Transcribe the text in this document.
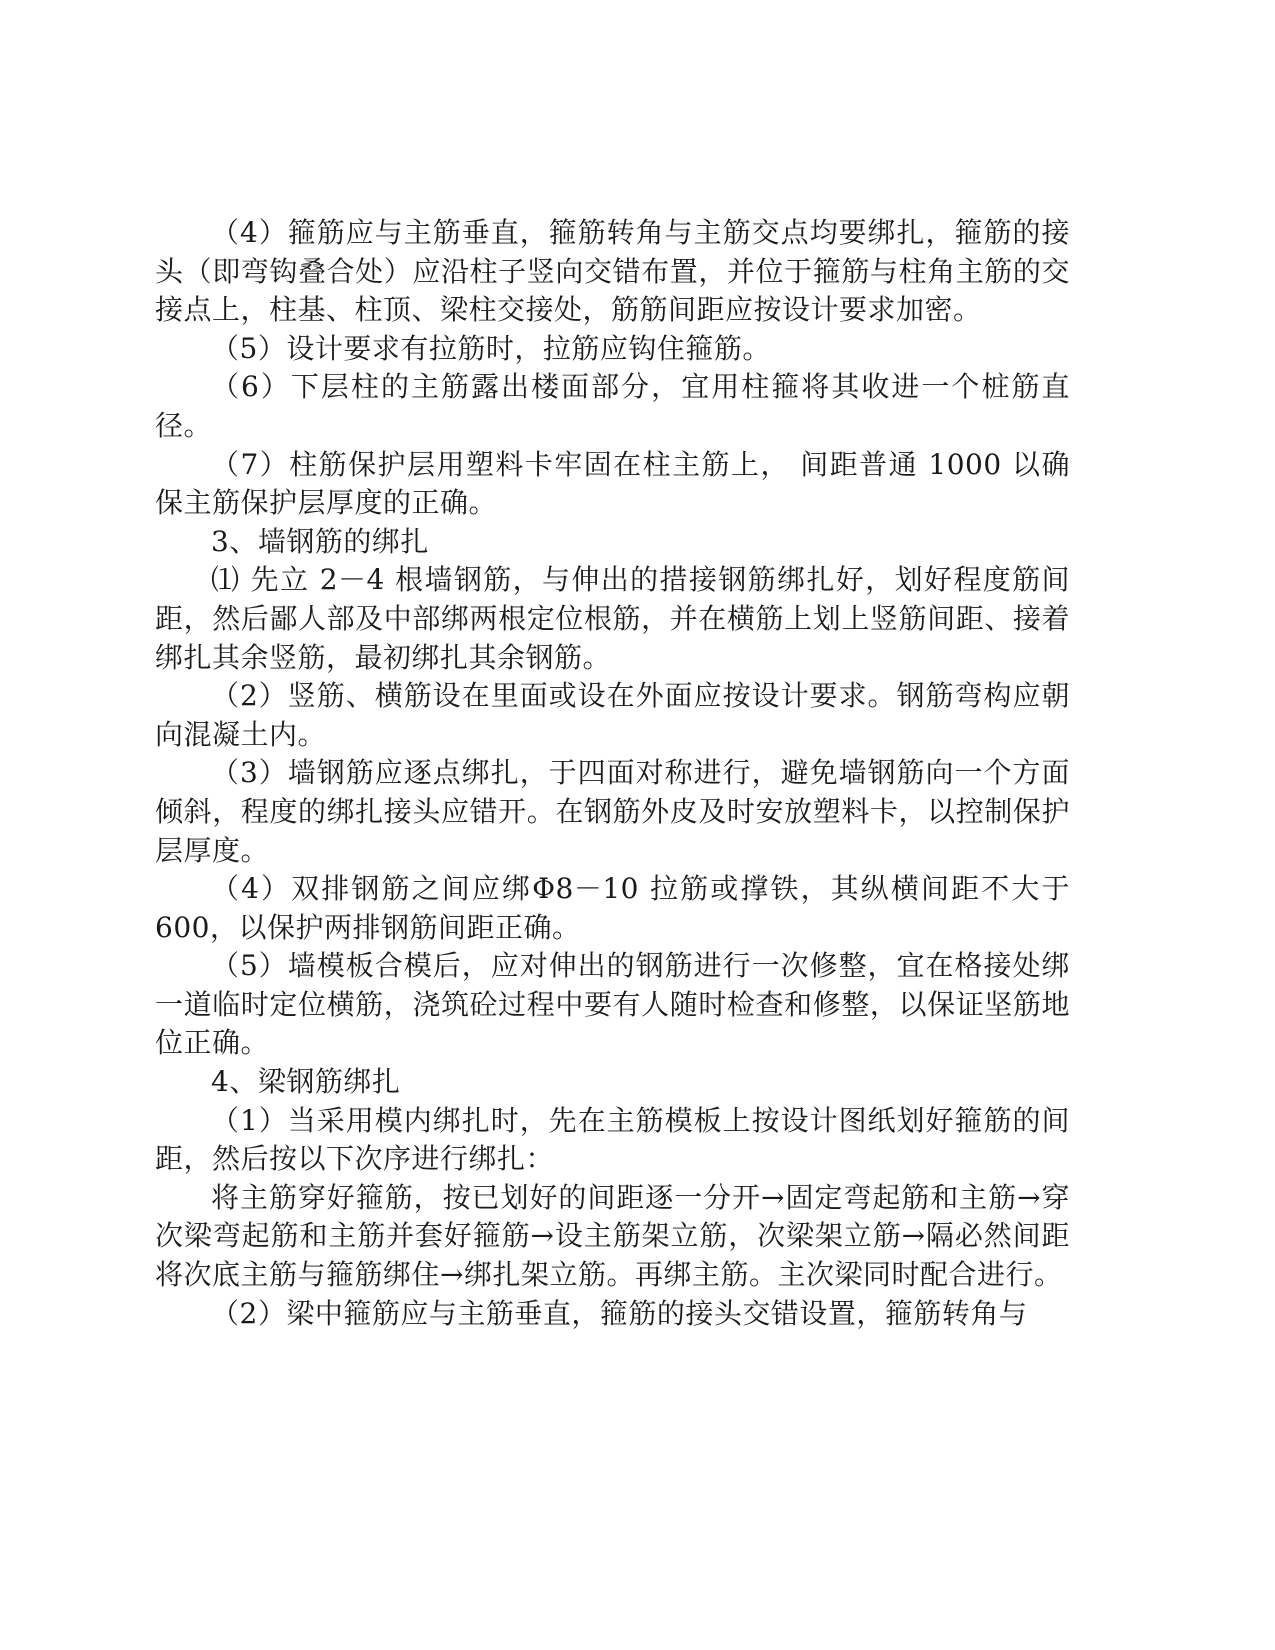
（4）箍筋应与主筋垂直，箍筋转角与主筋交点均要绑扎，箍筋的接头（即弯钩叠合处）应沿柱子竖向交错布置，并位于箍筋与柱角主筋的交接点上，柱基、柱顶、梁柱交接处，筋筋间距应按设计要求加密。

（5）设计要求有拉筋时，拉筋应钩住箍筋。

（6）下层柱的主筋露出楼面部分，宜用柱箍将其收进一个桩筋直径。

（7）柱筋保护层用塑料卡牢固在柱主筋上， 间距普通 1000 以确保主筋保护层厚度的正确。

3、墙钢筋的绑扎

⑴ 先立 2－4 根墙钢筋，与伸出的措接钢筋绑扎好，划好程度筋间距，然后鄙人部及中部绑两根定位根筋，并在横筋上划上竖筋间距、接着绑扎其余竖筋，最初绑扎其余钢筋。

（2）竖筋、横筋设在里面或设在外面应按设计要求。钢筋弯构应朝向混凝土内。

（3）墙钢筋应逐点绑扎，于四面对称进行，避免墙钢筋向一个方面倾斜，程度的绑扎接头应错开。在钢筋外皮及时安放塑料卡，以控制保护层厚度。

（4）双排钢筋之间应绑Φ8－10 拉筋或撑铁，其纵横间距不大于600，以保护两排钢筋间距正确。

（5）墙模板合模后，应对伸出的钢筋进行一次修整，宜在格接处绑一道临时定位横筋，浇筑砼过程中要有人随时检查和修整，以保证坚筋地位正确。

4、梁钢筋绑扎

（1）当采用模内绑扎时，先在主筋模板上按设计图纸划好箍筋的间距，然后按以下次序进行绑扎：

将主筋穿好箍筋，按已划好的间距逐一分开→固定弯起筋和主筋→穿次梁弯起筋和主筋并套好箍筋→设主筋架立筋，次梁架立筋→隔必然间距将次底主筋与箍筋绑住→绑扎架立筋。再绑主筋。主次梁同时配合进行。

（2）梁中箍筋应与主筋垂直，箍筋的接头交错设置，箍筋转角与
